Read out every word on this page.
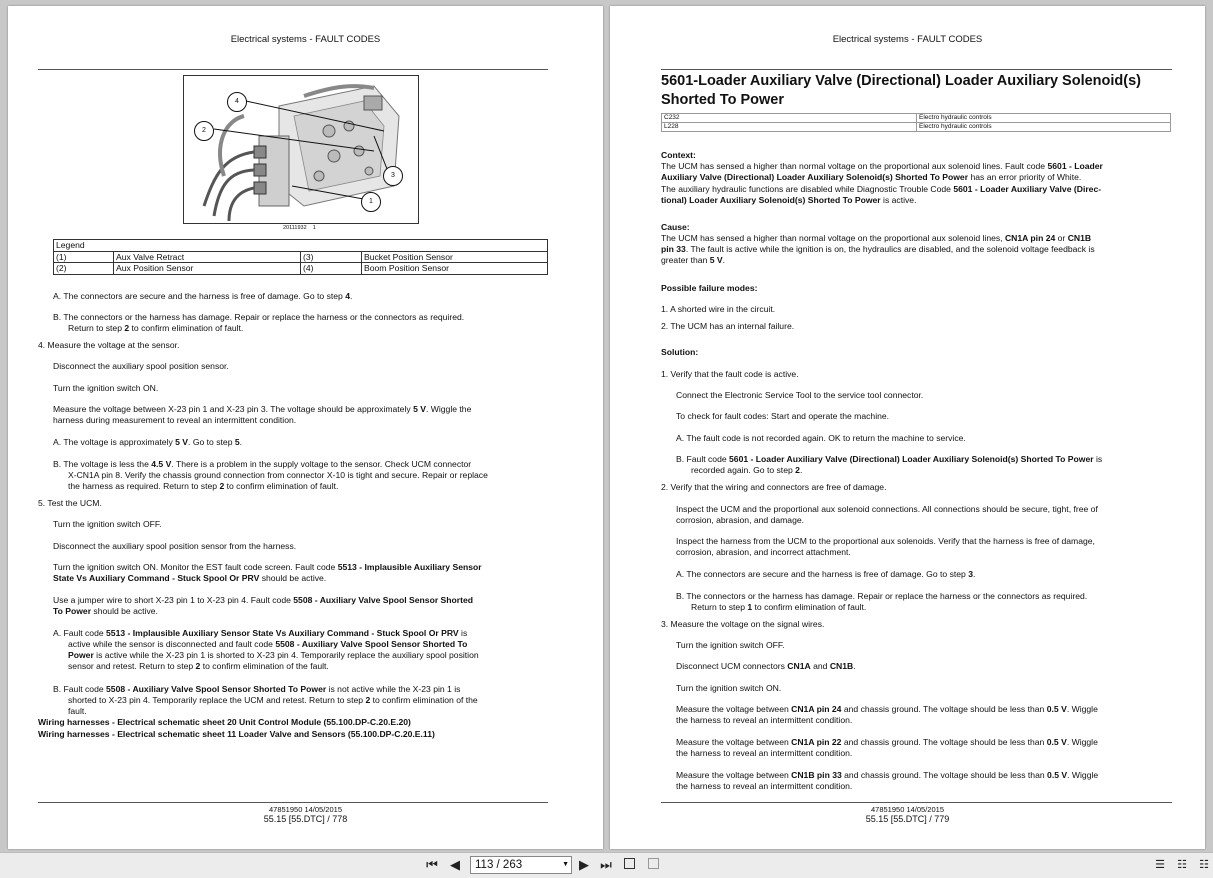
Electrical systems - FAULT CODES
4
2
3
1
20111932 1
Legend			
(1)	Aux Valve Retract	(3)	Bucket Position Sensor
(2)	Aux Position Sensor	(4)	Boom Position Sensor
A. The connectors are secure and the harness is free of damage. Go to step 4.
B. The connectors or the harness has damage. Repair or replace the harness or the connectors as required.
Return to step 2 to confirm elimination of fault.
4. Measure the voltage at the sensor.
Disconnect the auxiliary spool position sensor.
Turn the ignition switch ON.
Measure the voltage between X-23 pin 1 and X-23 pin 3. The voltage should be approximately 5 V. Wiggle the
harness during measurement to reveal an intermittent condition.
A. The voltage is approximately 5 V. Go to step 5.
B. The voltage is less the 4.5 V. There is a problem in the supply voltage to the sensor. Check UCM connector
X-CN1A pin 8. Verify the chassis ground connection from connector X-10 is tight and secure. Repair or replace
the harness as required. Return to step 2 to confirm elimination of fault.
5. Test the UCM.
Turn the ignition switch OFF.
Disconnect the auxiliary spool position sensor from the harness.
Turn the ignition switch ON. Monitor the EST fault code screen. Fault code 5513 - Implausible Auxiliary Sensor
State Vs Auxiliary Command - Stuck Spool Or PRV should be active.
Use a jumper wire to short X-23 pin 1 to X-23 pin 4. Fault code 5508 - Auxiliary Valve Spool Sensor Shorted
To Power should be active.
A. Fault code 5513 - Implausible Auxiliary Sensor State Vs Auxiliary Command - Stuck Spool Or PRV is
active while the sensor is disconnected and fault code 5508 - Auxiliary Valve Spool Sensor Shorted To
Power is active while the X-23 pin 1 is shorted to X-23 pin 4. Temporarily replace the auxiliary spool position
sensor and retest. Return to step 2 to confirm elimination of the fault.
B. Fault code 5508 - Auxiliary Valve Spool Sensor Shorted To Power is not active while the X-23 pin 1 is
shorted to X-23 pin 4. Temporarily replace the UCM and retest. Return to step 2 to confirm elimination of the
fault.
Wiring harnesses - Electrical schematic sheet 20 Unit Control Module (55.100.DP-C.20.E.20)
Wiring harnesses - Electrical schematic sheet 11 Loader Valve and Sensors (55.100.DP-C.20.E.11)
47851950 14/05/2015
55.15 [55.DTC] / 778
Electrical systems - FAULT CODES
5601-Loader Auxiliary Valve (Directional) Loader Auxiliary Solenoid(s) Shorted To Power
C232	Electro hydraulic controls
L228	Electro hydraulic controls
Context:
The UCM has sensed a higher than normal voltage on the proportional aux solenoid lines. Fault code 5601 - Loader
Auxiliary Valve (Directional) Loader Auxiliary Solenoid(s) Shorted To Power has an error priority of White.
The auxiliary hydraulic functions are disabled while Diagnostic Trouble Code 5601 - Loader Auxiliary Valve (Direc-
tional) Loader Auxiliary Solenoid(s) Shorted To Power is active.
Cause:
The UCM has sensed a higher than normal voltage on the proportional aux solenoid lines, CN1A pin 24 or CN1B
pin 33. The fault is active while the ignition is on, the hydraulics are disabled, and the solenoid voltage feedback is
greater than 5 V.
Possible failure modes:
1. A shorted wire in the circuit.
2. The UCM has an internal failure.
Solution:
1. Verify that the fault code is active.
Connect the Electronic Service Tool to the service tool connector.
To check for fault codes: Start and operate the machine.
A. The fault code is not recorded again. OK to return the machine to service.
B. Fault code 5601 - Loader Auxiliary Valve (Directional) Loader Auxiliary Solenoid(s) Shorted To Power is
recorded again. Go to step 2.
2. Verify that the wiring and connectors are free of damage.
Inspect the UCM and the proportional aux solenoid connections. All connections should be secure, tight, free of
corrosion, abrasion, and damage.
Inspect the harness from the UCM to the proportional aux solenoids. Verify that the harness is free of damage,
corrosion, abrasion, and incorrect attachment.
A. The connectors are secure and the harness is free of damage. Go to step 3.
B. The connectors or the harness has damage. Repair or replace the harness or the connectors as required.
Return to step 1 to confirm elimination of fault.
3. Measure the voltage on the signal wires.
Turn the ignition switch OFF.
Disconnect UCM connectors CN1A and CN1B.
Turn the ignition switch ON.
Measure the voltage between CN1A pin 24 and chassis ground. The voltage should be less than 0.5 V. Wiggle
the harness to reveal an intermittent condition.
Measure the voltage between CN1A pin 22 and chassis ground. The voltage should be less than 0.5 V. Wiggle
the harness to reveal an intermittent condition.
Measure the voltage between CN1B pin 33 and chassis ground. The voltage should be less than 0.5 V. Wiggle
the harness to reveal an intermittent condition.
47851950 14/05/2015
55.15 [55.DTC] / 779
⏮ ◀ 113 / 263	▼ ▶ ⏭	☰ ☷ ☷
